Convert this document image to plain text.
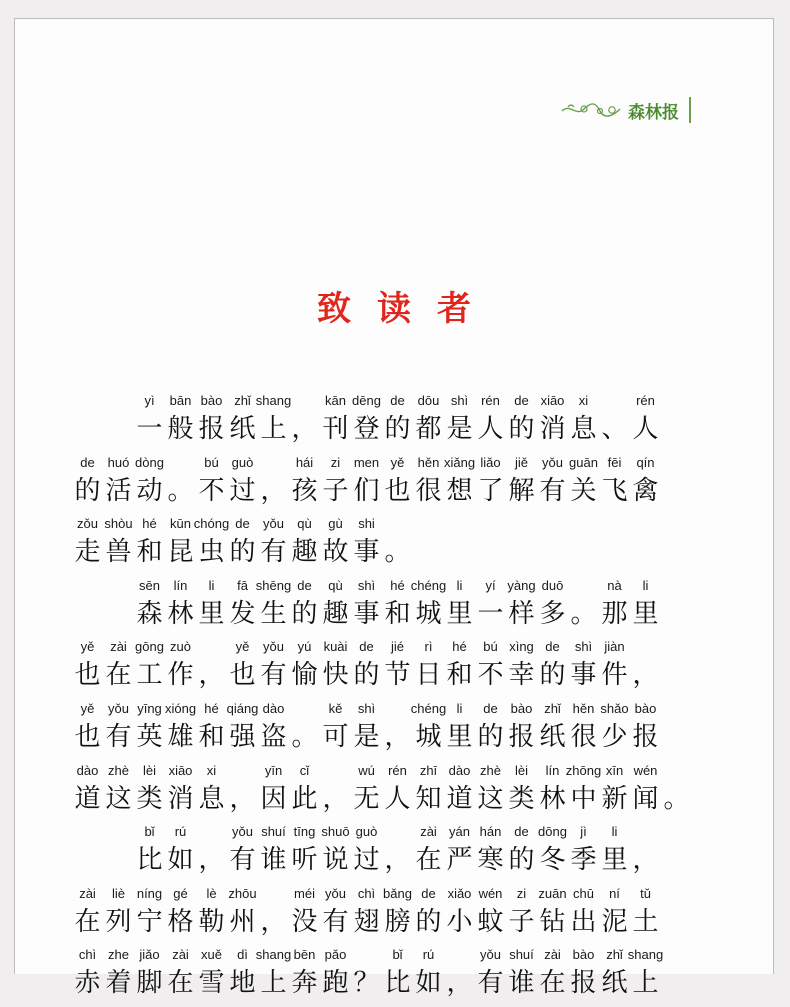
森林报
致读者
yì
一
bān
般
bào
报
zhǐ
纸
shang
上 ，
kān
刊
dēng
登
de
的
dōu
都
shì
是
rén
人
de
的
xiāo
消
xi
息 、
rén
人
de
的
huó
活
dòng
动 。
bú
不
guò
过 ，
hái
孩
zi
子
men
们
yě
也
hěn
很
xiǎng
想
liǎo
了
jiě
解
yǒu
有
guān
关
fēi
飞
qín
禽
zǒu
走
shòu
兽
hé
和
kūn
昆
chóng
虫
de
的
yǒu
有
qù
趣
gù
故
shi
事 。
sēn
森
lín
林
li
里
fā
发
shēng
生
de
的
qù
趣
shì
事
hé
和
chéng
城
li
里
yí
一
yàng
样
duō
多 。
nà
那
li
里
yě
也
zài
在
gōng
工
zuò
作 ，
yě
也
yǒu
有
yú
愉
kuài
快
de
的
jié
节
rì
日
hé
和
bú
不
xìng
幸
de
的
shì
事
jiàn
件 ，
yě
也
yǒu
有
yīng
英
xióng
雄
hé
和
qiáng
强
dào
盗 。
kě
可
shì
是 ，
chéng
城
li
里
de
的
bào
报
zhǐ
纸
hěn
很
shǎo
少
bào
报
dào
道
zhè
这
lèi
类
xiāo
消
xi
息 ，
yīn
因
cǐ
此 ，
wú
无
rén
人
zhī
知
dào
道
zhè
这
lèi
类
lín
林
zhōng
中
xīn
新
wén
闻 。
bǐ
比
rú
如 ，
yǒu
有
shuí
谁
tīng
听
shuō
说
guò
过 ，
zài
在
yán
严
hán
寒
de
的
dōng
冬
jì
季
li
里 ，
zài
在
liè
列
níng
宁
gé
格
lè
勒
zhōu
州 ，
méi
没
yǒu
有
chì
翅
bǎng
膀
de
的
xiǎo
小
wén
蚊
zi
子
zuān
钻
chū
出
ní
泥
tǔ
土
chì
赤
zhe
着
jiǎo
脚
zài
在
xuě
雪
dì
地
shang
上
bēn
奔
pǎo
跑 ？
bǐ
比
rú
如 ，
yǒu
有
shuí
谁
zài
在
bào
报
zhǐ
纸
shang
上
